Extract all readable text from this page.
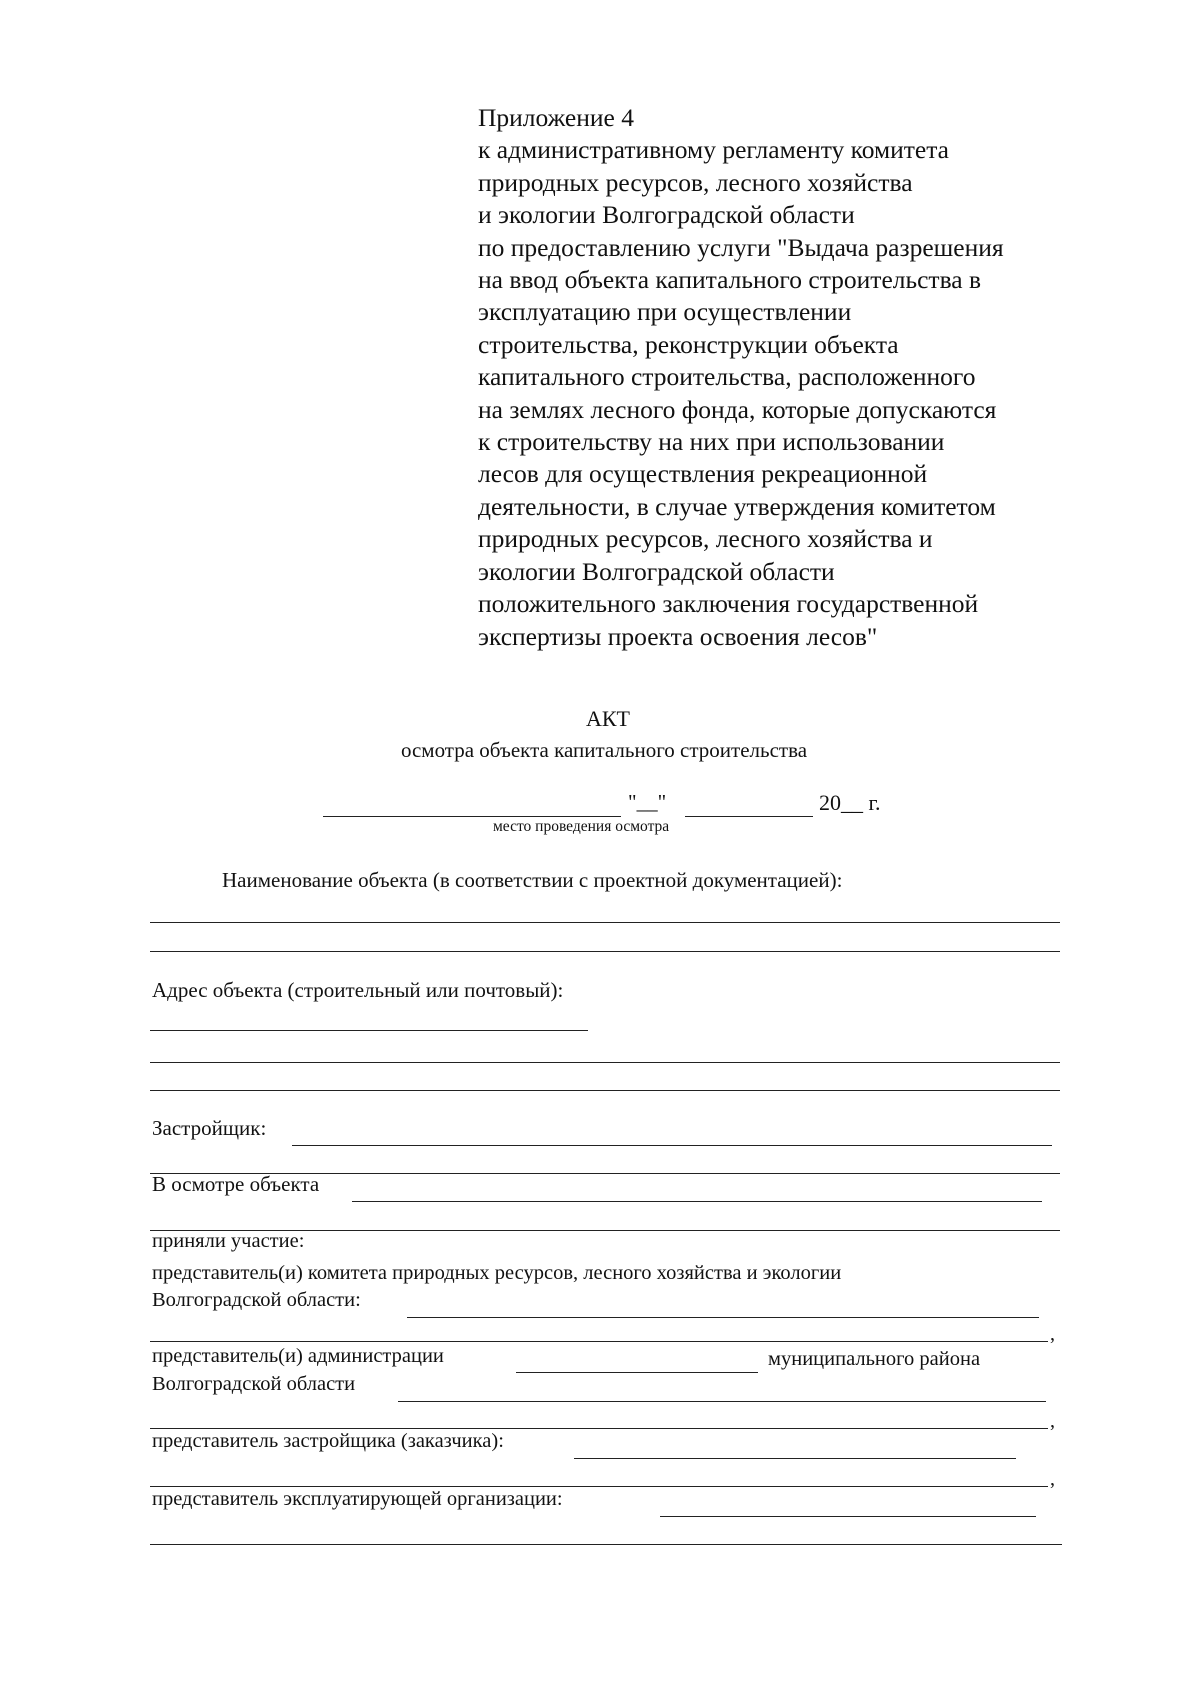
Приложение 4
к административному регламенту комитета
природных ресурсов, лесного хозяйства
и экологии Волгоградской области
по предоставлению услуги "Выдача разрешения
на ввод объекта капитального строительства в
эксплуатацию при осуществлении
строительства, реконструкции объекта
капитального строительства, расположенного
на землях лесного фонда, которые допускаются
к строительству на них при использовании
лесов для осуществления рекреационной
деятельности, в случае утверждения комитетом
природных ресурсов, лесного хозяйства и
экологии Волгоградской области
положительного заключения государственной
экспертизы проекта освоения лесов"
АКТ
осмотра объекта капитального строительства
"__"	20__ г.
место проведения осмотра
Наименование объекта (в соответствии с проектной документацией):
Адрес объекта (строительный или почтовый):
Застройщик:
В осмотре объекта
приняли участие:
представитель(и) комитета природных ресурсов, лесного хозяйства и экологии
Волгоградской области:
,
представитель(и) администрации	муниципального района
Волгоградской области
,
представитель застройщика (заказчика):
,
представитель эксплуатирующей организации:
